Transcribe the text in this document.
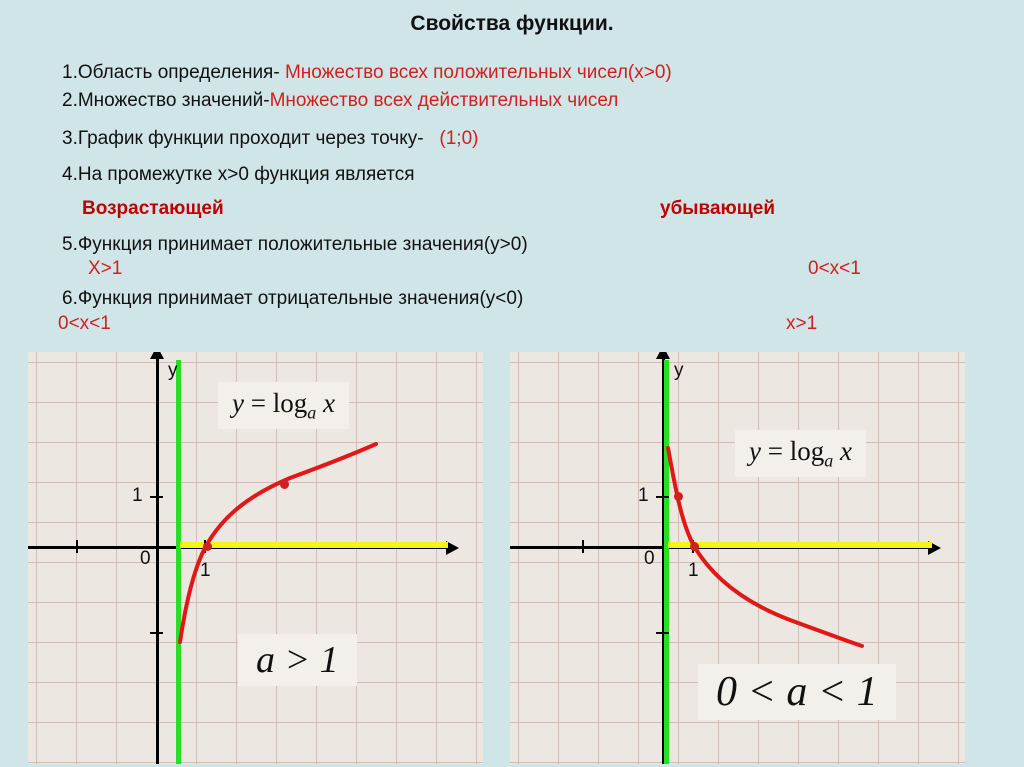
Свойства функции.
1.Область определения- Множество всех положительных чисел(x>0)
2.Множество значений-Множество всех действительных чисел
3.График функции проходит через точку- (1;0)
4.На промежутке x>0 функция является
Возрастающей	убывающей
5.Функция принимает положительные значения(y>0)
X>1	0<x<1
6.Функция принимает отрицательные значения(y<0)
0<x<1	x>1
y
0
1
1
$y = \log_a x$
a > 1
y
0
1
1
$y = \log_a x$
0 < a < 1
